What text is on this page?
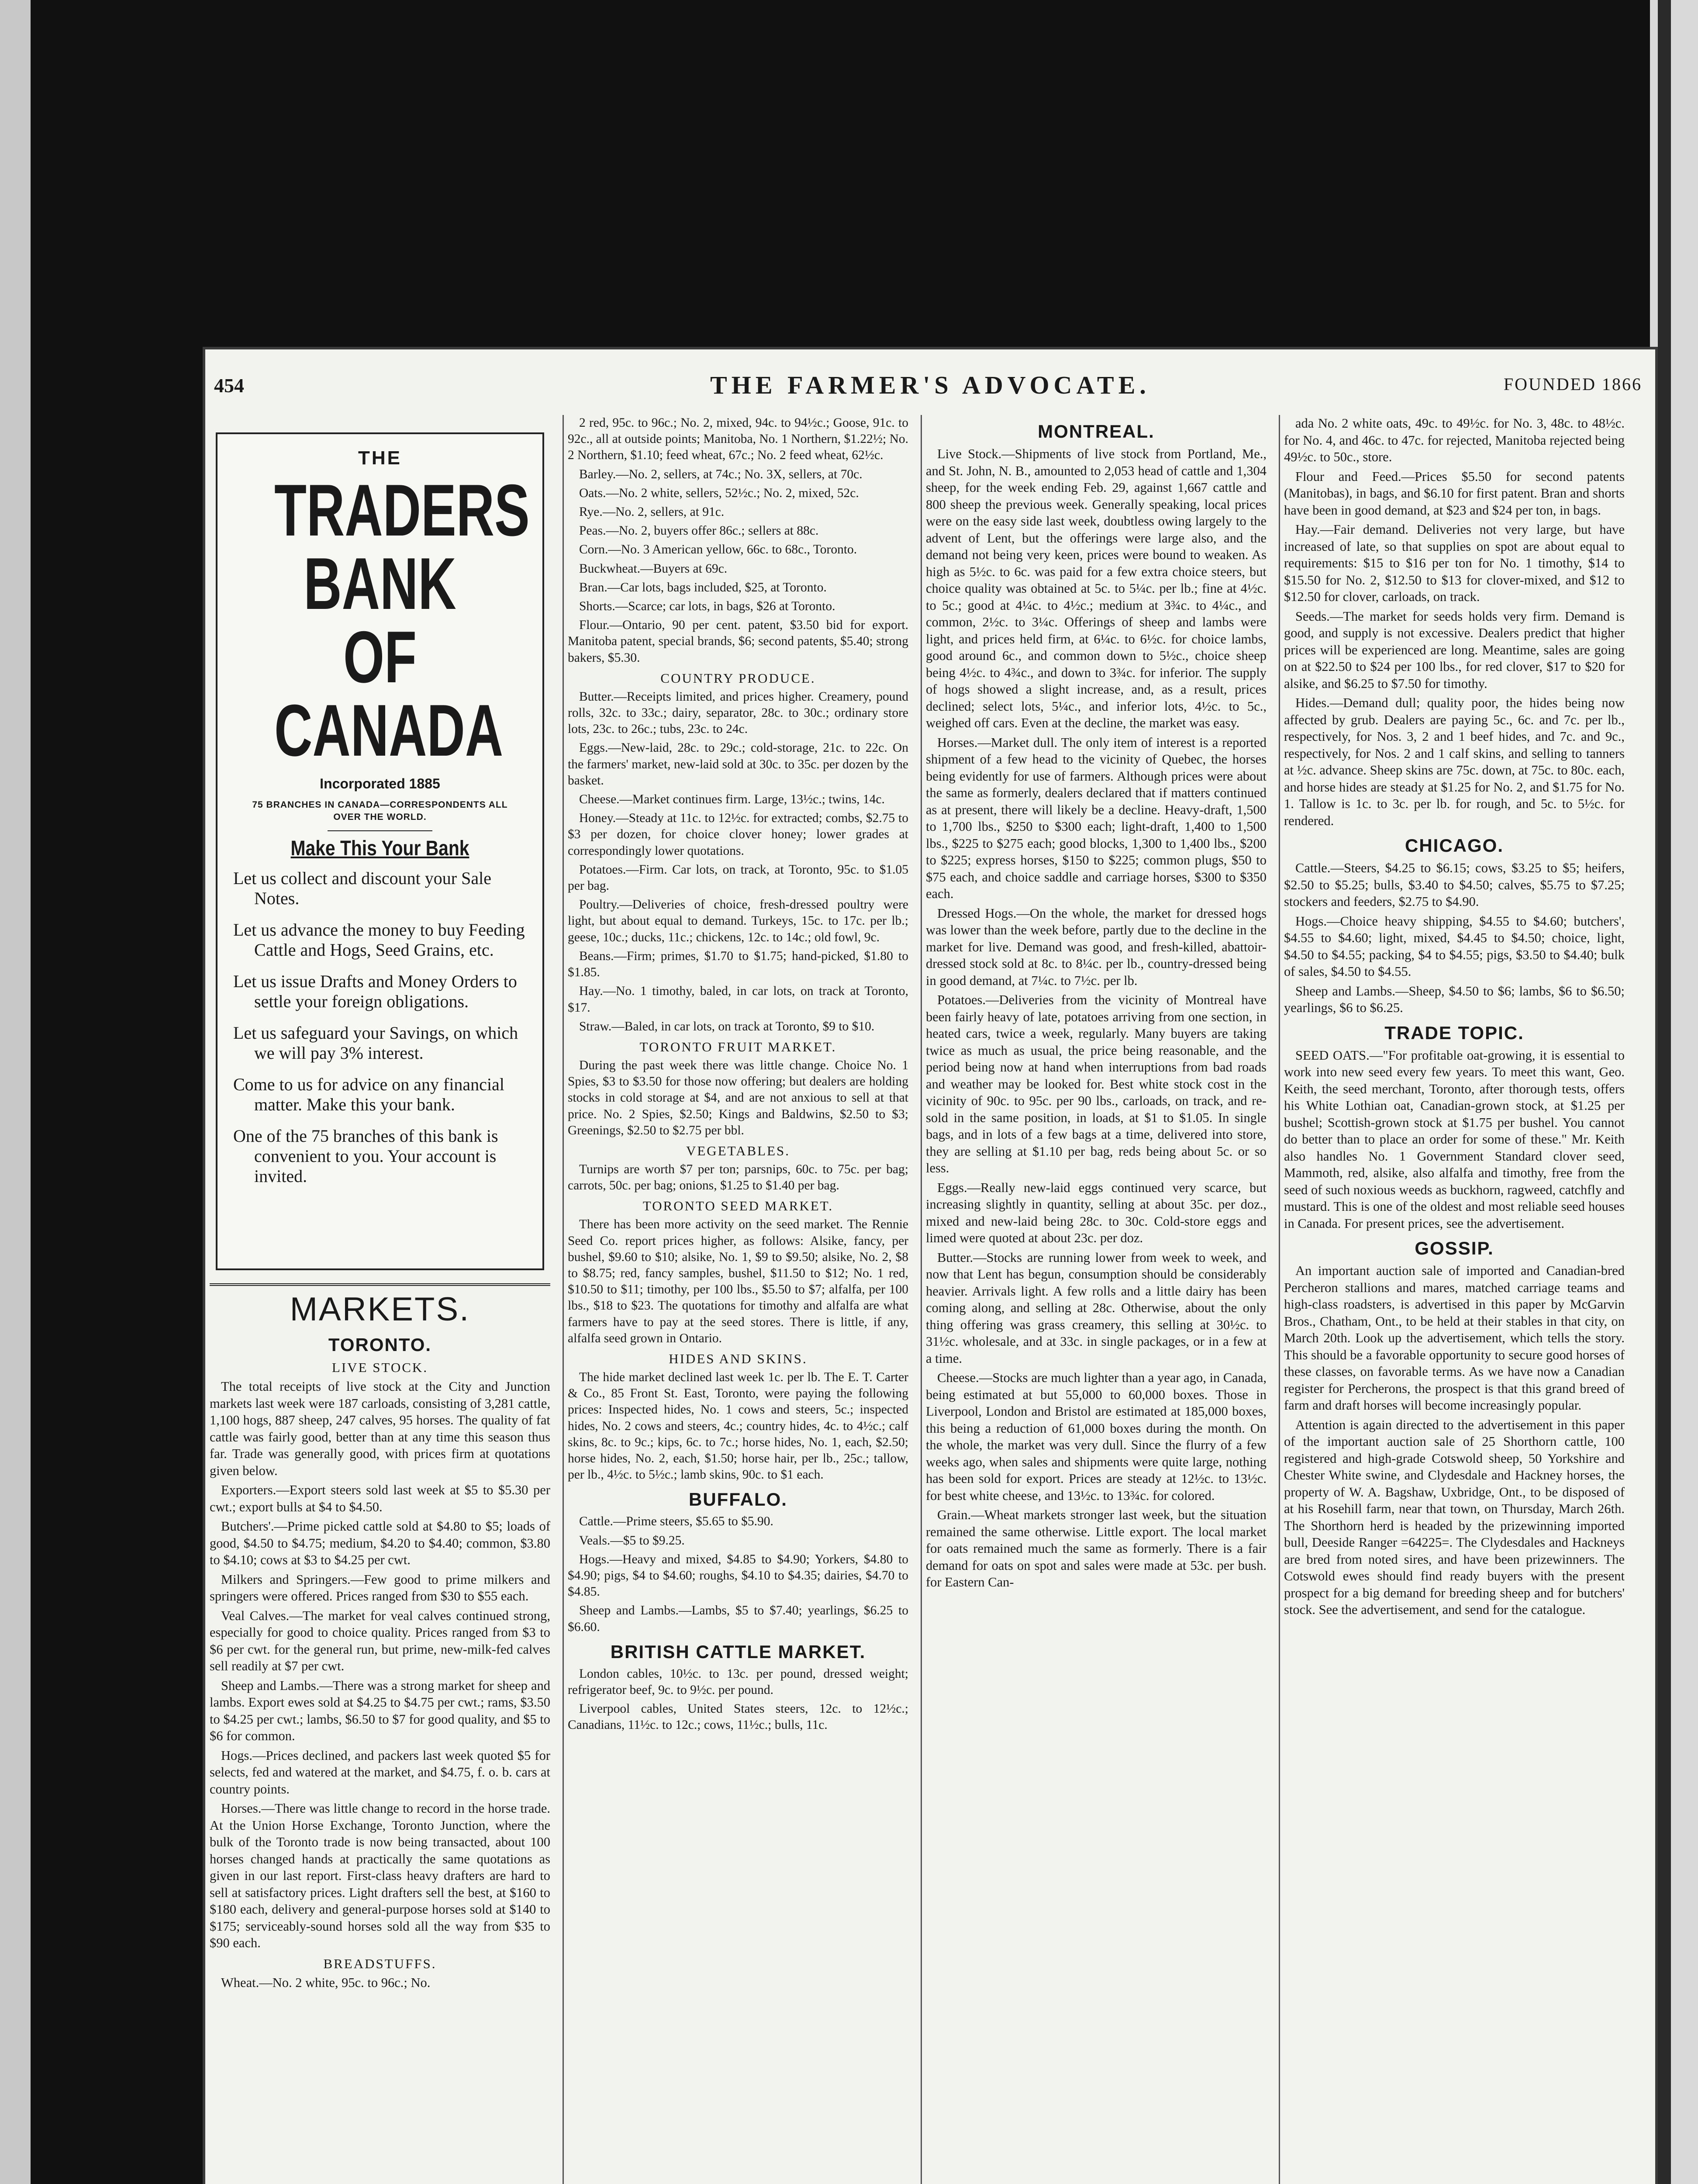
454	THE FARMER'S ADVOCATE.	FOUNDED 1866
THE
TRADERS
BANK
OF
CANADA
Incorporated 1885
75 BRANCHES IN CANADA—CORRESPONDENTS ALL OVER THE WORLD.
Make This Your Bank
Let us collect and discount your Sale Notes.
Let us advance the money to buy Feeding Cattle and Hogs, Seed Grains, etc.
Let us issue Drafts and Money Orders to settle your foreign obligations.
Let us safeguard your Savings, on which we will pay 3% interest.
Come to us for advice on any financial matter. Make this your bank.
One of the 75 branches of this bank is convenient to you. Your account is invited.
MARKETS.
TORONTO.
LIVE STOCK.

The total receipts of live stock at the City and Junction markets last week were 187 carloads, consisting of 3,281 cattle, 1,100 hogs, 887 sheep, 247 calves, 95 horses. The quality of fat cattle was fairly good, better than at any time this season thus far. Trade was generally good, with prices firm at quotations given below.

Exporters.—Export steers sold last week at $5 to $5.30 per cwt.; export bulls at $4 to $4.50.

Butchers'.—Prime picked cattle sold at $4.80 to $5; loads of good, $4.50 to $4.75; medium, $4.20 to $4.40; common, $3.80 to $4.10; cows at $3 to $4.25 per cwt.

Milkers and Springers.—Few good to prime milkers and springers were offered. Prices ranged from $30 to $55 each.

Veal Calves.—The market for veal calves continued strong, especially for good to choice quality. Prices ranged from $3 to $6 per cwt. for the general run, but prime, new-milk-fed calves sell readily at $7 per cwt.

Sheep and Lambs.—There was a strong market for sheep and lambs. Export ewes sold at $4.25 to $4.75 per cwt.; rams, $3.50 to $4.25 per cwt.; lambs, $6.50 to $7 for good quality, and $5 to $6 for common.

Hogs.—Prices declined, and packers last week quoted $5 for selects, fed and watered at the market, and $4.75, f. o. b. cars at country points.

Horses.—There was little change to record in the horse trade. At the Union Horse Exchange, Toronto Junction, where the bulk of the Toronto trade is now being transacted, about 100 horses changed hands at practically the same quotations as given in our last report. First-class heavy drafters are hard to sell at satisfactory prices. Light drafters sell the best, at $160 to $180 each, delivery and general-purpose horses sold at $140 to $175; serviceably-sound horses sold all the way from $35 to $90 each.

BREADSTUFFS.

Wheat.—No. 2 white, 95c. to 96c.; No.

2 red, 95c. to 96c.; No. 2, mixed, 94c. to 94½c.; Goose, 91c. to 92c., all at outside points; Manitoba, No. 1 Northern, $1.22½; No. 2 Northern, $1.10; feed wheat, 67c.; No. 2 feed wheat, 62½c.

Barley.—No. 2, sellers, at 74c.; No. 3X, sellers, at 70c.

Oats.—No. 2 white, sellers, 52½c.; No. 2, mixed, 52c.

Rye.—No. 2, sellers, at 91c.

Peas.—No. 2, buyers offer 86c.; sellers at 88c.

Corn.—No. 3 American yellow, 66c. to 68c., Toronto.

Buckwheat.—Buyers at 69c.

Bran.—Car lots, bags included, $25, at Toronto.

Shorts.—Scarce; car lots, in bags, $26 at Toronto.

Flour.—Ontario, 90 per cent. patent, $3.50 bid for export. Manitoba patent, special brands, $6; second patents, $5.40; strong bakers, $5.30.

COUNTRY PRODUCE.

Butter.—Receipts limited, and prices higher. Creamery, pound rolls, 32c. to 33c.; dairy, separator, 28c. to 30c.; ordinary store lots, 23c. to 26c.; tubs, 23c. to 24c.

Eggs.—New-laid, 28c. to 29c.; cold-storage, 21c. to 22c. On the farmers' market, new-laid sold at 30c. to 35c. per dozen by the basket.

Cheese.—Market continues firm. Large, 13½c.; twins, 14c.

Honey.—Steady at 11c. to 12½c. for extracted; combs, $2.75 to $3 per dozen, for choice clover honey; lower grades at correspondingly lower quotations.

Potatoes.—Firm. Car lots, on track, at Toronto, 95c. to $1.05 per bag.

Poultry.—Deliveries of choice, fresh-dressed poultry were light, but about equal to demand. Turkeys, 15c. to 17c. per lb.; geese, 10c.; ducks, 11c.; chickens, 12c. to 14c.; old fowl, 9c.

Beans.—Firm; primes, $1.70 to $1.75; hand-picked, $1.80 to $1.85.

Hay.—No. 1 timothy, baled, in car lots, on track at Toronto, $17.

Straw.—Baled, in car lots, on track at Toronto, $9 to $10.

TORONTO FRUIT MARKET.

During the past week there was little change. Choice No. 1 Spies, $3 to $3.50 for those now offering; but dealers are holding stocks in cold storage at $4, and are not anxious to sell at that price. No. 2 Spies, $2.50; Kings and Baldwins, $2.50 to $3; Greenings, $2.50 to $2.75 per bbl.

VEGETABLES.

Turnips are worth $7 per ton; parsnips, 60c. to 75c. per bag; carrots, 50c. per bag; onions, $1.25 to $1.40 per bag.

TORONTO SEED MARKET.

There has been more activity on the seed market. The Rennie Seed Co. report prices higher, as follows: Alsike, fancy, per bushel, $9.60 to $10; alsike, No. 1, $9 to $9.50; alsike, No. 2, $8 to $8.75; red, fancy samples, bushel, $11.50 to $12; No. 1 red, $10.50 to $11; timothy, per 100 lbs., $5.50 to $7; alfalfa, per 100 lbs., $18 to $23. The quotations for timothy and alfalfa are what farmers have to pay at the seed stores. There is little, if any, alfalfa seed grown in Ontario.

HIDES AND SKINS.

The hide market declined last week 1c. per lb. The E. T. Carter & Co., 85 Front St. East, Toronto, were paying the following prices: Inspected hides, No. 1 cows and steers, 5c.; inspected hides, No. 2 cows and steers, 4c.; country hides, 4c. to 4½c.; calf skins, 8c. to 9c.; kips, 6c. to 7c.; horse hides, No. 1, each, $2.50; horse hides, No. 2, each, $1.50; horse hair, per lb., 25c.; tallow, per lb., 4½c. to 5½c.; lamb skins, 90c. to $1 each.

BUFFALO.

Cattle.—Prime steers, $5.65 to $5.90.

Veals.—$5 to $9.25.

Hogs.—Heavy and mixed, $4.85 to $4.90; Yorkers, $4.80 to $4.90; pigs, $4 to $4.60; roughs, $4.10 to $4.35; dairies, $4.70 to $4.85.

Sheep and Lambs.—Lambs, $5 to $7.40; yearlings, $6.25 to $6.60.

BRITISH CATTLE MARKET.

London cables, 10½c. to 13c. per pound, dressed weight; refrigerator beef, 9c. to 9½c. per pound.

Liverpool cables, United States steers, 12c. to 12½c.; Canadians, 11½c. to 12c.; cows, 11½c.; bulls, 11c.

MONTREAL.

Live Stock.—Shipments of live stock from Portland, Me., and St. John, N. B., amounted to 2,053 head of cattle and 1,304 sheep, for the week ending Feb. 29, against 1,667 cattle and 800 sheep the previous week. Generally speaking, local prices were on the easy side last week, doubtless owing largely to the advent of Lent, but the offerings were large also, and the demand not being very keen, prices were bound to weaken. As high as 5½c. to 6c. was paid for a few extra choice steers, but choice quality was obtained at 5c. to 5¼c. per lb.; fine at 4½c. to 5c.; good at 4¼c. to 4½c.; medium at 3¾c. to 4¼c., and common, 2½c. to 3¼c. Offerings of sheep and lambs were light, and prices held firm, at 6¼c. to 6½c. for choice lambs, good around 6c., and common down to 5½c., choice sheep being 4½c. to 4¾c., and down to 3¾c. for inferior. The supply of hogs showed a slight increase, and, as a result, prices declined; select lots, 5¼c., and inferior lots, 4½c. to 5c., weighed off cars. Even at the decline, the market was easy.

Horses.—Market dull. The only item of interest is a reported shipment of a few head to the vicinity of Quebec, the horses being evidently for use of farmers. Although prices were about the same as formerly, dealers declared that if matters continued as at present, there will likely be a decline. Heavy-draft, 1,500 to 1,700 lbs., $250 to $300 each; light-draft, 1,400 to 1,500 lbs., $225 to $275 each; good blocks, 1,300 to 1,400 lbs., $200 to $225; express horses, $150 to $225; common plugs, $50 to $75 each, and choice saddle and carriage horses, $300 to $350 each.

Dressed Hogs.—On the whole, the market for dressed hogs was lower than the week before, partly due to the decline in the market for live. Demand was good, and fresh-killed, abattoir-dressed stock sold at 8c. to 8¼c. per lb., country-dressed being in good demand, at 7¼c. to 7½c. per lb.

Potatoes.—Deliveries from the vicinity of Montreal have been fairly heavy of late, potatoes arriving from one section, in heated cars, twice a week, regularly. Many buyers are taking twice as much as usual, the price being reasonable, and the period being now at hand when interruptions from bad roads and weather may be looked for. Best white stock cost in the vicinity of 90c. to 95c. per 90 lbs., carloads, on track, and re-sold in the same position, in loads, at $1 to $1.05. In single bags, and in lots of a few bags at a time, delivered into store, they are selling at $1.10 per bag, reds being about 5c. or so less.

Eggs.—Really new-laid eggs continued very scarce, but increasing slightly in quantity, selling at about 35c. per doz., mixed and new-laid being 28c. to 30c. Cold-store eggs and limed were quoted at about 23c. per doz.

Butter.—Stocks are running lower from week to week, and now that Lent has begun, consumption should be considerably heavier. Arrivals light. A few rolls and a little dairy has been coming along, and selling at 28c. Otherwise, about the only thing offering was grass creamery, this selling at 30½c. to 31½c. wholesale, and at 33c. in single packages, or in a few at a time.

Cheese.—Stocks are much lighter than a year ago, in Canada, being estimated at but 55,000 to 60,000 boxes. Those in Liverpool, London and Bristol are estimated at 185,000 boxes, this being a reduction of 61,000 boxes during the month. On the whole, the market was very dull. Since the flurry of a few weeks ago, when sales and shipments were quite large, nothing has been sold for export. Prices are steady at 12½c. to 13½c. for best white cheese, and 13½c. to 13¾c. for colored.

Grain.—Wheat markets stronger last week, but the situation remained the same otherwise. Little export. The local market for oats remained much the same as formerly. There is a fair demand for oats on spot and sales were made at 53c. per bush. for Eastern Can-

ada No. 2 white oats, 49c. to 49½c. for No. 3, 48c. to 48½c. for No. 4, and 46c. to 47c. for rejected, Manitoba rejected being 49½c. to 50c., store.

Flour and Feed.—Prices $5.50 for second patents (Manitobas), in bags, and $6.10 for first patent. Bran and shorts have been in good demand, at $23 and $24 per ton, in bags.

Hay.—Fair demand. Deliveries not very large, but have increased of late, so that supplies on spot are about equal to requirements: $15 to $16 per ton for No. 1 timothy, $14 to $15.50 for No. 2, $12.50 to $13 for clover-mixed, and $12 to $12.50 for clover, carloads, on track.

Seeds.—The market for seeds holds very firm. Demand is good, and supply is not excessive. Dealers predict that higher prices will be experienced are long. Meantime, sales are going on at $22.50 to $24 per 100 lbs., for red clover, $17 to $20 for alsike, and $6.25 to $7.50 for timothy.

Hides.—Demand dull; quality poor, the hides being now affected by grub. Dealers are paying 5c., 6c. and 7c. per lb., respectively, for Nos. 3, 2 and 1 beef hides, and 7c. and 9c., respectively, for Nos. 2 and 1 calf skins, and selling to tanners at ½c. advance. Sheep skins are 75c. down, at 75c. to 80c. each, and horse hides are steady at $1.25 for No. 2, and $1.75 for No. 1. Tallow is 1c. to 3c. per lb. for rough, and 5c. to 5½c. for rendered.

CHICAGO.

Cattle.—Steers, $4.25 to $6.15; cows, $3.25 to $5; heifers, $2.50 to $5.25; bulls, $3.40 to $4.50; calves, $5.75 to $7.25; stockers and feeders, $2.75 to $4.90.

Hogs.—Choice heavy shipping, $4.55 to $4.60; butchers', $4.55 to $4.60; light, mixed, $4.45 to $4.50; choice, light, $4.50 to $4.55; packing, $4 to $4.55; pigs, $3.50 to $4.40; bulk of sales, $4.50 to $4.55.

Sheep and Lambs.—Sheep, $4.50 to $6; lambs, $6 to $6.50; yearlings, $6 to $6.25.

TRADE TOPIC.

SEED OATS.—"For profitable oat-growing, it is essential to work into new seed every few years. To meet this want, Geo. Keith, the seed merchant, Toronto, after thorough tests, offers his White Lothian oat, Canadian-grown stock, at $1.25 per bushel; Scottish-grown stock at $1.75 per bushel. You cannot do better than to place an order for some of these." Mr. Keith also handles No. 1 Government Standard clover seed, Mammoth, red, alsike, also alfalfa and timothy, free from the seed of such noxious weeds as buckhorn, ragweed, catchfly and mustard. This is one of the oldest and most reliable seed houses in Canada. For present prices, see the advertisement.

GOSSIP.

An important auction sale of imported and Canadian-bred Percheron stallions and mares, matched carriage teams and high-class roadsters, is advertised in this paper by McGarvin Bros., Chatham, Ont., to be held at their stables in that city, on March 20th. Look up the advertisement, which tells the story. This should be a favorable opportunity to secure good horses of these classes, on favorable terms. As we have now a Canadian register for Percherons, the prospect is that this grand breed of farm and draft horses will become increasingly popular.

Attention is again directed to the advertisement in this paper of the important auction sale of 25 Shorthorn cattle, 100 registered and high-grade Cotswold sheep, 50 Yorkshire and Chester White swine, and Clydesdale and Hackney horses, the property of W. A. Bagshaw, Uxbridge, Ont., to be disposed of at his Rosehill farm, near that town, on Thursday, March 26th. The Shorthorn herd is headed by the prizewinning imported bull, Deeside Ranger =64225=. The Clydesdales and Hackneys are bred from noted sires, and have been prizewinners. The Cotswold ewes should find ready buyers with the present prospect for a big demand for breeding sheep and for butchers' stock. See the advertisement, and send for the catalogue.
